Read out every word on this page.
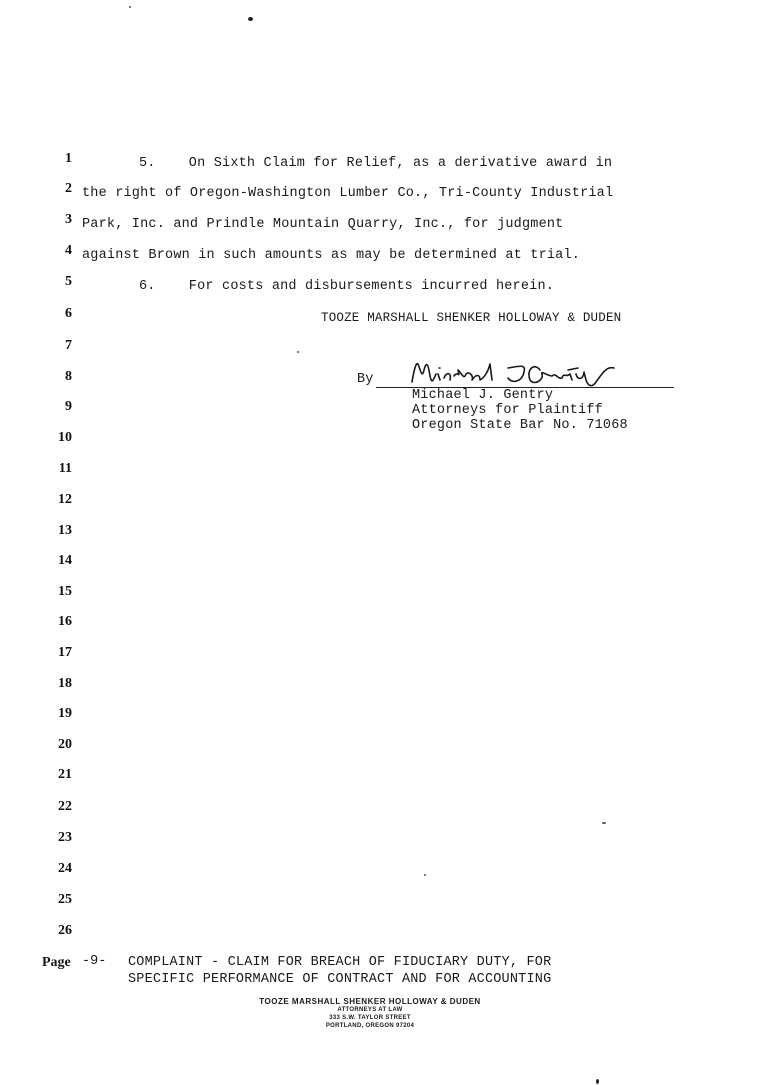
1
2
3
4
5
6
7
8
9
10
11
12
13
14
15
16
17
18
19
20
21
22
23
24
25
26
5.    On Sixth Claim for Relief, as a derivative award in
the right of Oregon-Washington Lumber Co., Tri-County Industrial
Park, Inc. and Prindle Mountain Quarry, Inc., for judgment
against Brown in such amounts as may be determined at trial.
6.    For costs and disbursements incurred herein.
TOOZE MARSHALL SHENKER HOLLOWAY & DUDEN
By
Michael J. Gentry
Attorneys for Plaintiff
Oregon State Bar No. 71068
Page -9- COMPLAINT - CLAIM FOR BREACH OF FIDUCIARY DUTY, FOR
SPECIFIC PERFORMANCE OF CONTRACT AND FOR ACCOUNTING
TOOZE MARSHALL SHENKER HOLLOWAY & DUDEN
ATTORNEYS AT LAW
333 S.W. TAYLOR STREET
PORTLAND, OREGON 97204
